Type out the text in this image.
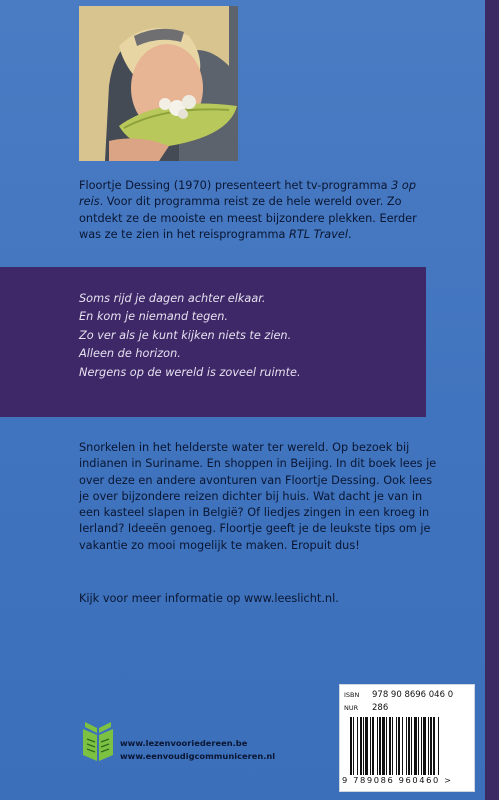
Floortje Dessing (1970) presenteert het tv-programma 3 op reis. Voor dit programma reist ze de hele wereld over. Zo ontdekt ze de mooiste en meest bijzondere plekken. Eerder was ze te zien in het reisprogramma RTL Travel.
Soms rijd je dagen achter elkaar.
En kom je niemand tegen.
Zo ver als je kunt kijken niets te zien.
Alleen de horizon.
Nergens op de wereld is zoveel ruimte.
Snorkelen in het helderste water ter wereld. Op bezoek bij indianen in Suriname. En shoppen in Beijing. In dit boek lees je over deze en andere avonturen van Floortje Dessing. Ook lees je over bijzondere reizen dichter bij huis. Wat dacht je van in een kasteel slapen in België? Of liedjes zingen in een kroeg in Ierland? Ideeën genoeg. Floortje geeft je de leukste tips om je vakantie zo mooi mogelijk te maken. Eropuit dus!
Kijk voor meer informatie op www.leeslicht.nl.
www.lezenvooriedereen.be
www.eenvoudigcommuniceren.nl
ISBN 978 90 8696 046 0
NUR 286
9 789086 960460 >
